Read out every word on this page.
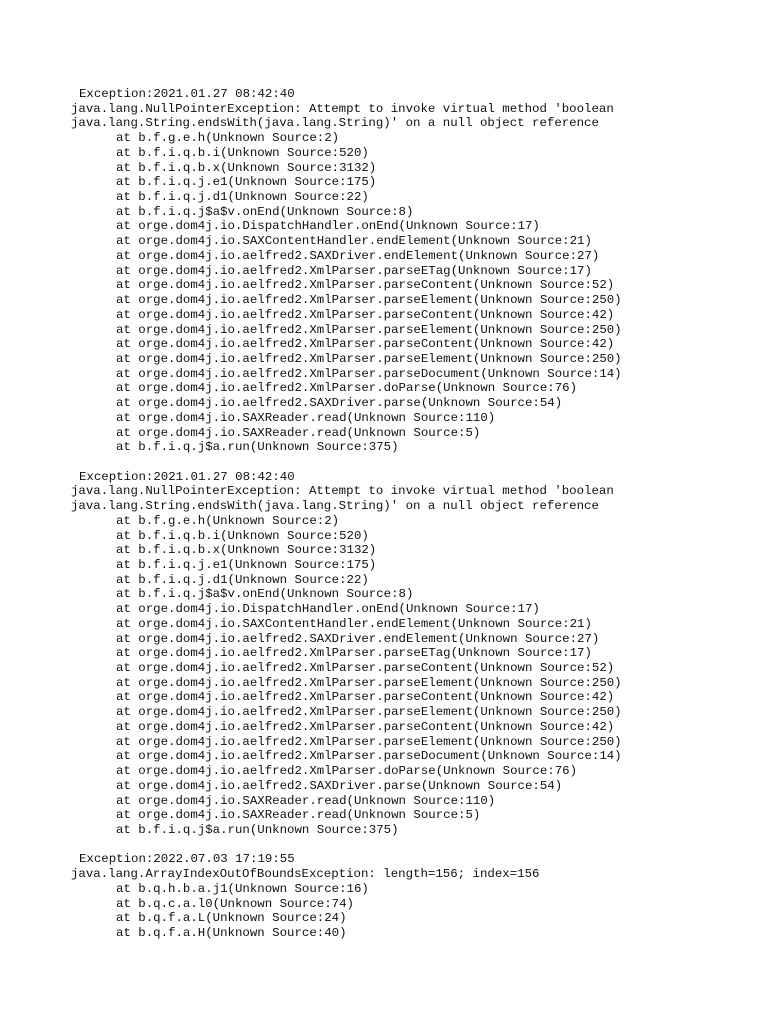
Exception:2021.01.27 08:42:40
java.lang.NullPointerException: Attempt to invoke virtual method 'boolean
java.lang.String.endsWith(java.lang.String)' on a null object reference
at b.f.g.e.h(Unknown Source:2)
at b.f.i.q.b.i(Unknown Source:520)
at b.f.i.q.b.x(Unknown Source:3132)
at b.f.i.q.j.e1(Unknown Source:175)
at b.f.i.q.j.d1(Unknown Source:22)
at b.f.i.q.j$a$v.onEnd(Unknown Source:8)
at orge.dom4j.io.DispatchHandler.onEnd(Unknown Source:17)
at orge.dom4j.io.SAXContentHandler.endElement(Unknown Source:21)
at orge.dom4j.io.aelfred2.SAXDriver.endElement(Unknown Source:27)
at orge.dom4j.io.aelfred2.XmlParser.parseETag(Unknown Source:17)
at orge.dom4j.io.aelfred2.XmlParser.parseContent(Unknown Source:52)
at orge.dom4j.io.aelfred2.XmlParser.parseElement(Unknown Source:250)
at orge.dom4j.io.aelfred2.XmlParser.parseContent(Unknown Source:42)
at orge.dom4j.io.aelfred2.XmlParser.parseElement(Unknown Source:250)
at orge.dom4j.io.aelfred2.XmlParser.parseContent(Unknown Source:42)
at orge.dom4j.io.aelfred2.XmlParser.parseElement(Unknown Source:250)
at orge.dom4j.io.aelfred2.XmlParser.parseDocument(Unknown Source:14)
at orge.dom4j.io.aelfred2.XmlParser.doParse(Unknown Source:76)
at orge.dom4j.io.aelfred2.SAXDriver.parse(Unknown Source:54)
at orge.dom4j.io.SAXReader.read(Unknown Source:110)
at orge.dom4j.io.SAXReader.read(Unknown Source:5)
at b.f.i.q.j$a.run(Unknown Source:375)
Exception:2021.01.27 08:42:40
java.lang.NullPointerException: Attempt to invoke virtual method 'boolean
java.lang.String.endsWith(java.lang.String)' on a null object reference
at b.f.g.e.h(Unknown Source:2)
at b.f.i.q.b.i(Unknown Source:520)
at b.f.i.q.b.x(Unknown Source:3132)
at b.f.i.q.j.e1(Unknown Source:175)
at b.f.i.q.j.d1(Unknown Source:22)
at b.f.i.q.j$a$v.onEnd(Unknown Source:8)
at orge.dom4j.io.DispatchHandler.onEnd(Unknown Source:17)
at orge.dom4j.io.SAXContentHandler.endElement(Unknown Source:21)
at orge.dom4j.io.aelfred2.SAXDriver.endElement(Unknown Source:27)
at orge.dom4j.io.aelfred2.XmlParser.parseETag(Unknown Source:17)
at orge.dom4j.io.aelfred2.XmlParser.parseContent(Unknown Source:52)
at orge.dom4j.io.aelfred2.XmlParser.parseElement(Unknown Source:250)
at orge.dom4j.io.aelfred2.XmlParser.parseContent(Unknown Source:42)
at orge.dom4j.io.aelfred2.XmlParser.parseElement(Unknown Source:250)
at orge.dom4j.io.aelfred2.XmlParser.parseContent(Unknown Source:42)
at orge.dom4j.io.aelfred2.XmlParser.parseElement(Unknown Source:250)
at orge.dom4j.io.aelfred2.XmlParser.parseDocument(Unknown Source:14)
at orge.dom4j.io.aelfred2.XmlParser.doParse(Unknown Source:76)
at orge.dom4j.io.aelfred2.SAXDriver.parse(Unknown Source:54)
at orge.dom4j.io.SAXReader.read(Unknown Source:110)
at orge.dom4j.io.SAXReader.read(Unknown Source:5)
at b.f.i.q.j$a.run(Unknown Source:375)
Exception:2022.07.03 17:19:55
java.lang.ArrayIndexOutOfBoundsException: length=156; index=156
at b.q.h.b.a.j1(Unknown Source:16)
at b.q.c.a.l0(Unknown Source:74)
at b.q.f.a.L(Unknown Source:24)
at b.q.f.a.H(Unknown Source:40)
